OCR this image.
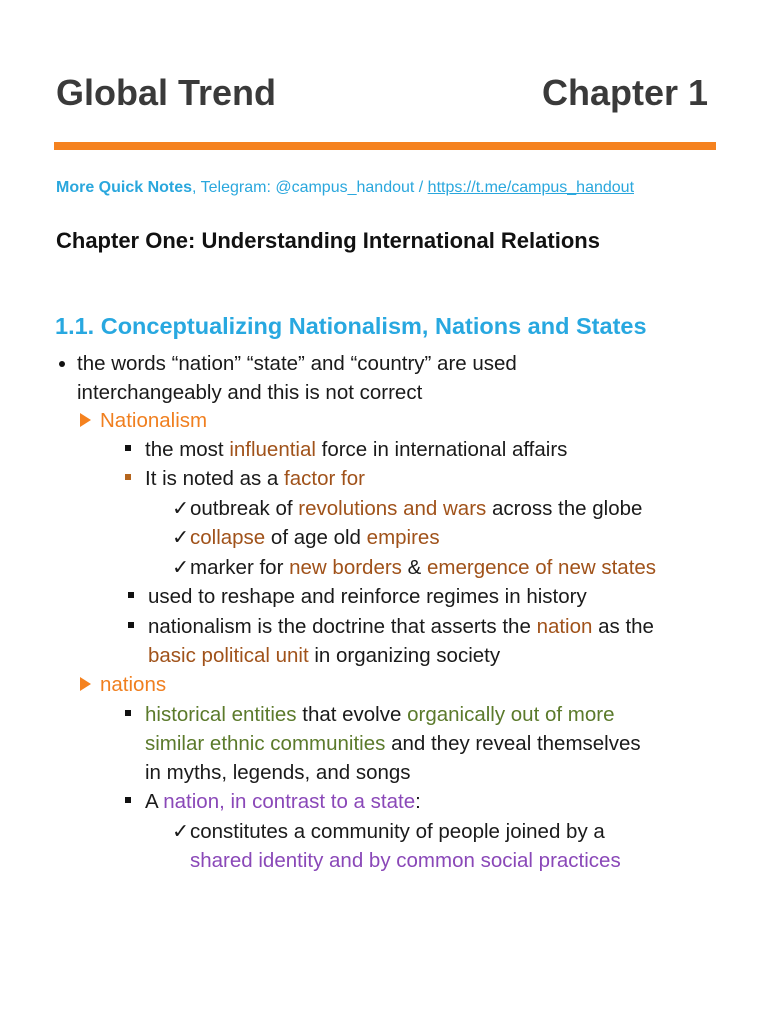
Global Trend	Chapter 1
More Quick Notes, Telegram: @campus_handout / https://t.me/campus_handout
Chapter One: Understanding International Relations
1.1. Conceptualizing Nationalism, Nations and States
the words “nation” “state” and “country” are used
interchangeably and this is not correct
Nationalism
the most influential force in international affairs
It is noted as a factor for
✓ outbreak of revolutions and wars across the globe
✓ collapse of age old empires
✓ marker for new borders & emergence of new states
used to reshape and reinforce regimes in history
nationalism is the doctrine that asserts the nation as the
basic political unit in organizing society
nations
historical entities that evolve organically out of more
similar ethnic communities and they reveal themselves
in myths, legends, and songs
A nation, in contrast to a state:
✓ constitutes a community of people joined by a
shared identity and by common social practices
